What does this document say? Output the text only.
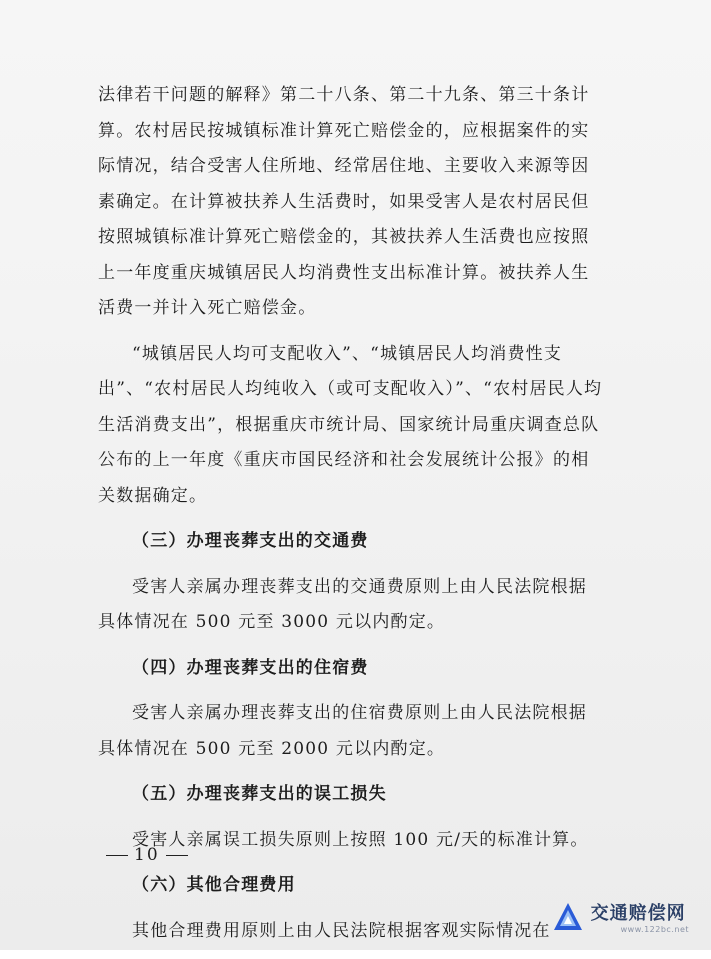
法律若干问题的解释》第二十八条、第二十九条、第三十条计算。农村居民按城镇标准计算死亡赔偿金的，应根据案件的实际情况，结合受害人住所地、经常居住地、主要收入来源等因素确定。在计算被扶养人生活费时，如果受害人是农村居民但按照城镇标准计算死亡赔偿金的，其被扶养人生活费也应按照上一年度重庆城镇居民人均消费性支出标准计算。被扶养人生活费一并计入死亡赔偿金。

“城镇居民人均可支配收入”、“城镇居民人均消费性支出”、“农村居民人均纯收入（或可支配收入）”、“农村居民人均生活消费支出”，根据重庆市统计局、国家统计局重庆调查总队公布的上一年度《重庆市国民经济和社会发展统计公报》的相关数据确定。

（三）办理丧葬支出的交通费

受害人亲属办理丧葬支出的交通费原则上由人民法院根据具体情况在 500 元至 3000 元以内酌定。

（四）办理丧葬支出的住宿费

受害人亲属办理丧葬支出的住宿费原则上由人民法院根据具体情况在 500 元至 2000 元以内酌定。

（五）办理丧葬支出的误工损失

受害人亲属误工损失原则上按照 100 元/天的标准计算。

（六）其他合理费用

其他合理费用原则上由人民法院根据客观实际情况在

10
交通赔偿网
www.122bc.net
